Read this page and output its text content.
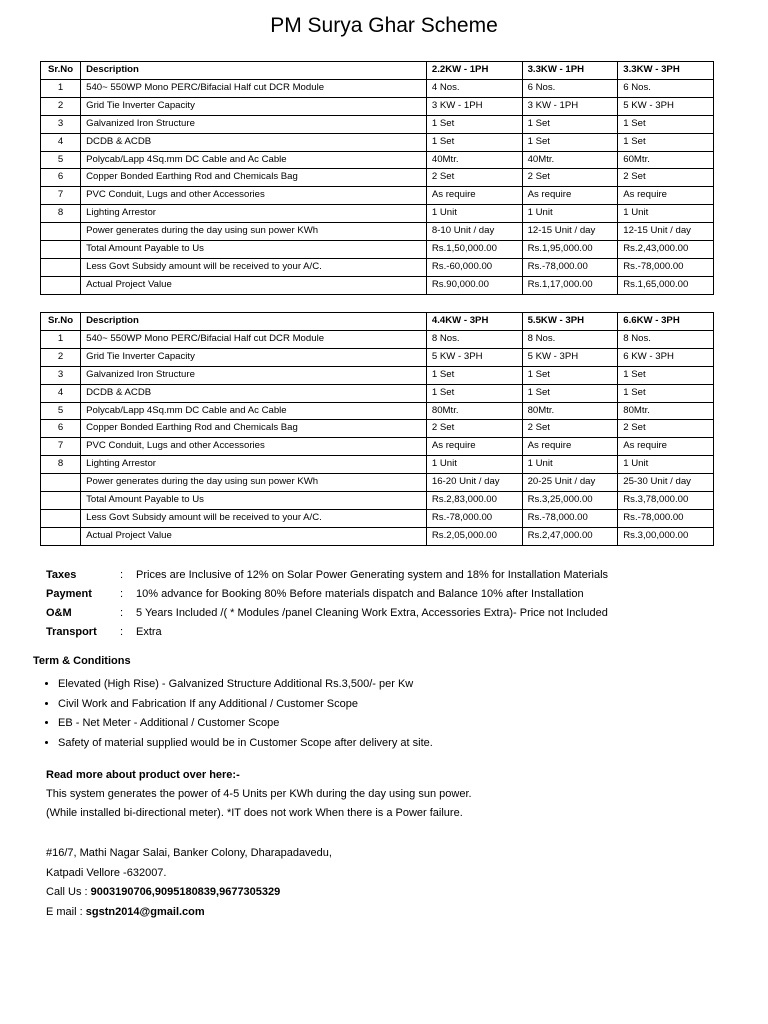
PM Surya Ghar Scheme
Sr.No	Description	2.2KW - 1PH	3.3KW - 1PH	3.3KW - 3PH
1	540~ 550WP Mono PERC/Bifacial Half cut DCR Module	4 Nos.	6 Nos.	6 Nos.
2	Grid Tie Inverter Capacity	3 KW - 1PH	3 KW - 1PH	5 KW - 3PH
3	Galvanized Iron Structure	1 Set	1 Set	1 Set
4	DCDB & ACDB	1 Set	1 Set	1 Set
5	Polycab/Lapp 4Sq.mm DC Cable and Ac Cable	40Mtr.	40Mtr.	60Mtr.
6	Copper Bonded Earthing Rod and Chemicals Bag	2 Set	2 Set	2 Set
7	PVC Conduit, Lugs and other Accessories	As require	As require	As require
8	Lighting Arrestor	1 Unit	1 Unit	1 Unit
	Power generates during the day using sun power KWh	8-10 Unit / day	12-15 Unit / day	12-15 Unit / day
	Total Amount Payable to Us	Rs.1,50,000.00	Rs.1,95,000.00	Rs.2,43,000.00
	Less Govt Subsidy amount will be received to your A/C.	Rs.-60,000.00	Rs.-78,000.00	Rs.-78,000.00
	Actual Project Value	Rs.90,000.00	Rs.1,17,000.00	Rs.1,65,000.00
Sr.No	Description	4.4KW - 3PH	5.5KW - 3PH	6.6KW - 3PH
1	540~ 550WP Mono PERC/Bifacial Half cut DCR Module	8 Nos.	8 Nos.	8 Nos.
2	Grid Tie Inverter Capacity	5 KW - 3PH	5 KW - 3PH	6 KW - 3PH
3	Galvanized Iron Structure	1 Set	1 Set	1 Set
4	DCDB & ACDB	1 Set	1 Set	1 Set
5	Polycab/Lapp 4Sq.mm DC Cable and Ac Cable	80Mtr.	80Mtr.	80Mtr.
6	Copper Bonded Earthing Rod and Chemicals Bag	2 Set	2 Set	2 Set
7	PVC Conduit, Lugs and other Accessories	As require	As require	As require
8	Lighting Arrestor	1 Unit	1 Unit	1 Unit
	Power generates during the day using sun power KWh	16-20 Unit / day	20-25 Unit / day	25-30 Unit / day
	Total Amount Payable to Us	Rs.2,83,000.00	Rs.3,25,000.00	Rs.3,78,000.00
	Less Govt Subsidy amount will be received to your A/C.	Rs.-78,000.00	Rs.-78,000.00	Rs.-78,000.00
	Actual Project Value	Rs.2,05,000.00	Rs.2,47,000.00	Rs.3,00,000.00
Taxes	:	Prices are Inclusive of 12% on Solar Power Generating system and 18% for Installation Materials
Payment	:	10% advance for Booking 80% Before materials dispatch and Balance 10% after Installation
O&M	:	5 Years Included /( * Modules /panel Cleaning Work Extra, Accessories Extra)- Price not Included
Transport	:	Extra
Term & Conditions
• Elevated (High Rise) - Galvanized Structure Additional Rs.3,500/- per Kw
• Civil Work and Fabrication If any Additional / Customer Scope
• EB - Net Meter - Additional / Customer Scope
• Safety of material supplied would be in Customer Scope after delivery at site.
Read more about product over here:-
This system generates the power of 4-5 Units per KWh during the day using sun power.
(While installed bi-directional meter). *IT does not work When there is a Power failure.
#16/7, Mathi Nagar Salai, Banker Colony, Dharapadavedu,
Katpadi Vellore -632007.
Call Us : 9003190706,9095180839,9677305329
E mail : sgstn2014@gmail.com
